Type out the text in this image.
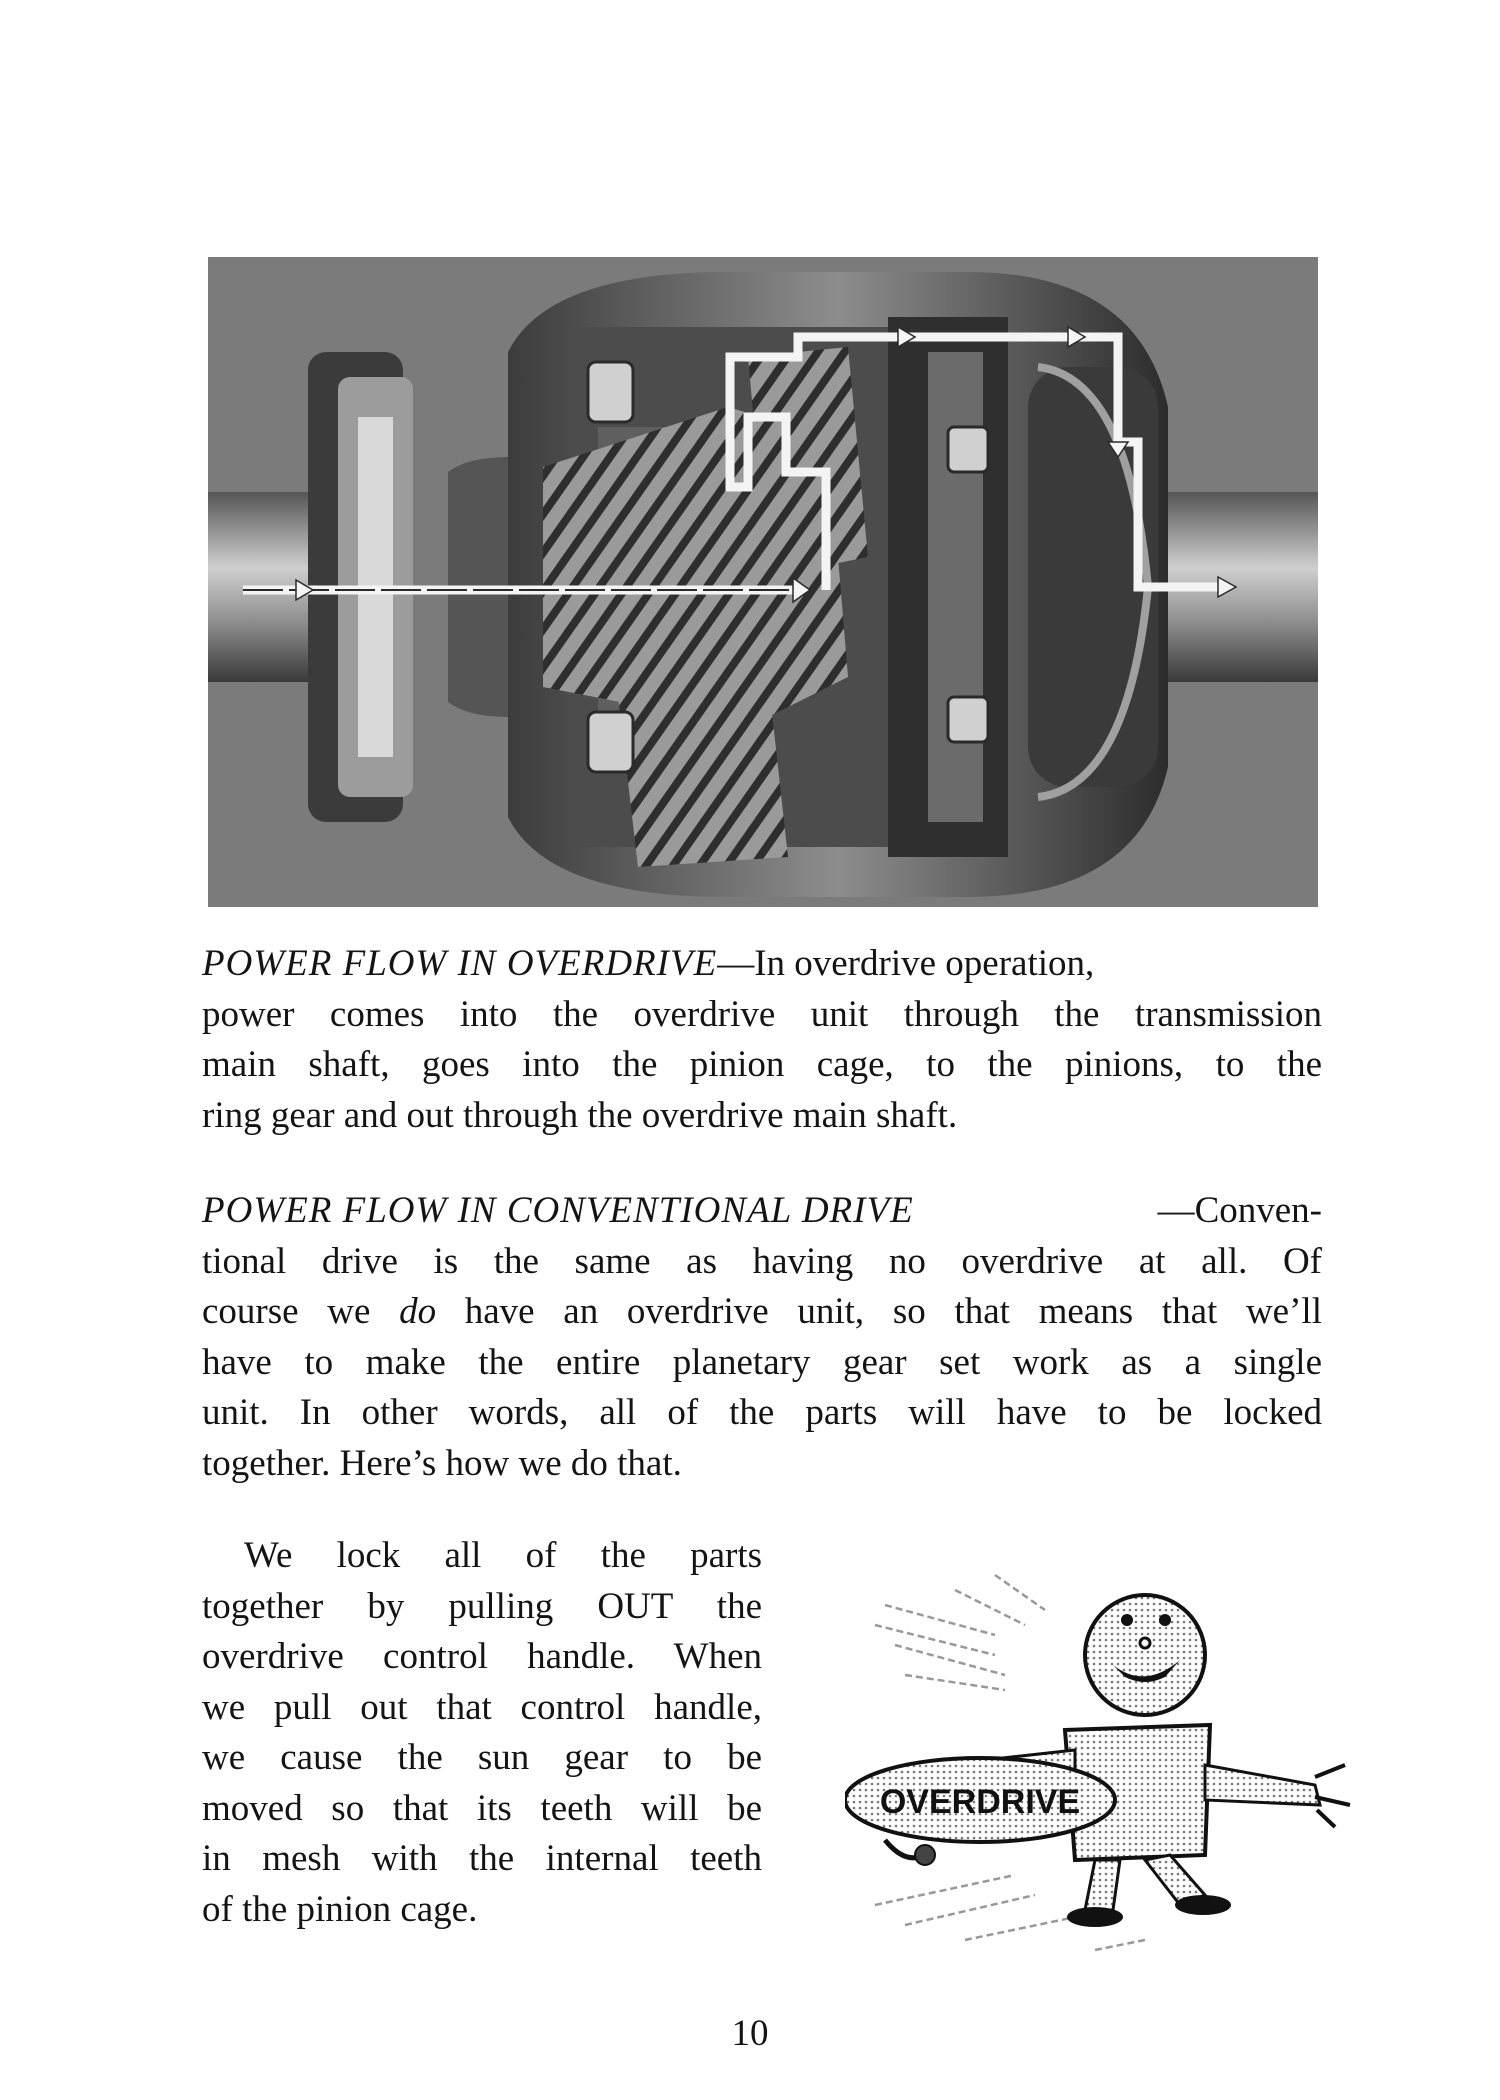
POWER FLOW IN OVERDRIVE—In overdrive operation,
power comes into the overdrive unit through the transmission
main shaft, goes into the pinion cage, to the pinions, to the
ring gear and out through the overdrive main shaft.

POWER FLOW IN CONVENTIONAL DRIVE	—Conven-
tional drive is the same as having no overdrive at all. Of
course we do have an overdrive unit, so that means that we’ll
have to make the entire planetary gear set work as a single
unit. In other words, all of the parts will have to be locked
together. Here’s how we do that.

We lock all of the parts
together by pulling OUT the
overdrive control handle. When
we pull out that control handle,
we cause the sun gear to be
moved so that its teeth will be
in mesh with the internal teeth
of the pinion cage.

OVERDRIVE
10
